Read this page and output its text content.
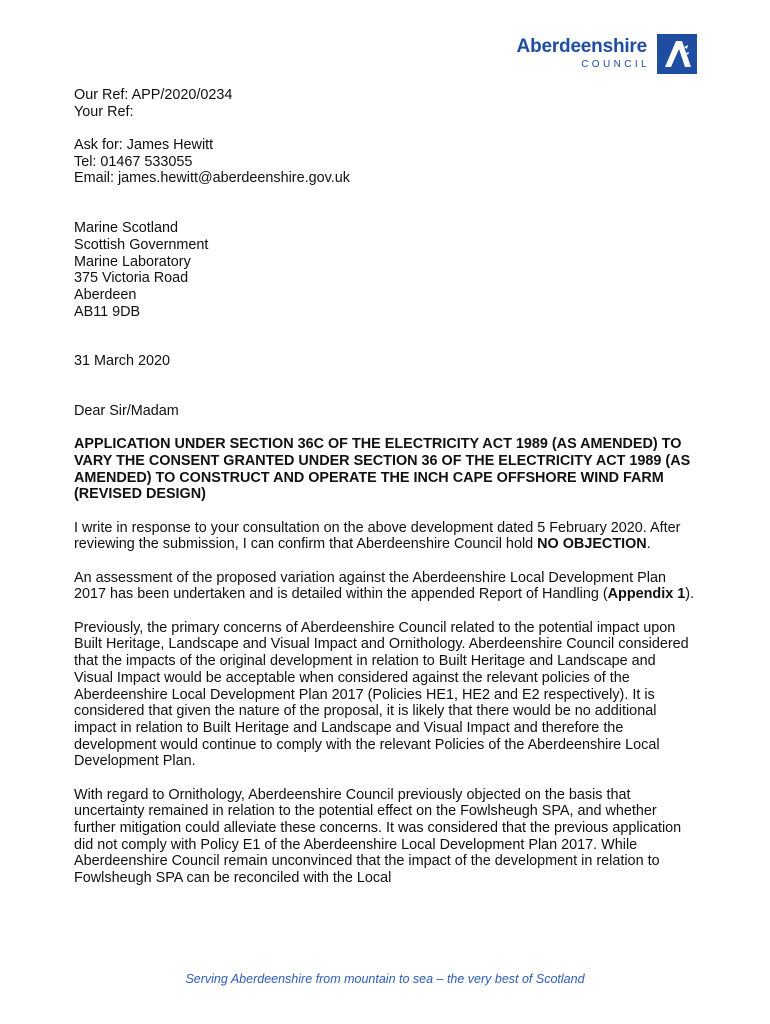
Aberdeenshire
COUNCIL
Our Ref: APP/2020/0234
Your Ref:
Ask for: James Hewitt
Tel: 01467 533055
Email: james.hewitt@aberdeenshire.gov.uk
Marine Scotland
Scottish Government
Marine Laboratory
375 Victoria Road
Aberdeen
AB11 9DB
31 March 2020
Dear Sir/Madam

APPLICATION UNDER SECTION 36C OF THE ELECTRICITY ACT 1989 (AS AMENDED) TO VARY THE CONSENT GRANTED UNDER SECTION 36 OF THE ELECTRICITY ACT 1989 (AS AMENDED) TO CONSTRUCT AND OPERATE THE INCH CAPE OFFSHORE WIND FARM (REVISED DESIGN)

I write in response to your consultation on the above development dated 5 February 2020. After reviewing the submission, I can confirm that Aberdeenshire Council hold NO OBJECTION.

An assessment of the proposed variation against the Aberdeenshire Local Development Plan 2017 has been undertaken and is detailed within the appended Report of Handling (Appendix 1).

Previously, the primary concerns of Aberdeenshire Council related to the potential impact upon Built Heritage, Landscape and Visual Impact and Ornithology. Aberdeenshire Council considered that the impacts of the original development in relation to Built Heritage and Landscape and Visual Impact would be acceptable when considered against the relevant policies of the Aberdeenshire Local Development Plan 2017 (Policies HE1, HE2 and E2 respectively). It is considered that given the nature of the proposal, it is likely that there would be no additional impact in relation to Built Heritage and Landscape and Visual Impact and therefore the development would continue to comply with the relevant Policies of the Aberdeenshire Local Development Plan.

With regard to Ornithology, Aberdeenshire Council previously objected on the basis that uncertainty remained in relation to the potential effect on the Fowlsheugh SPA, and whether further mitigation could alleviate these concerns. It was considered that the previous application did not comply with Policy E1 of the Aberdeenshire Local Development Plan 2017. While Aberdeenshire Council remain unconvinced that the impact of the development in relation to Fowlsheugh SPA can be reconciled with the Local

Serving Aberdeenshire from mountain to sea – the very best of Scotland
